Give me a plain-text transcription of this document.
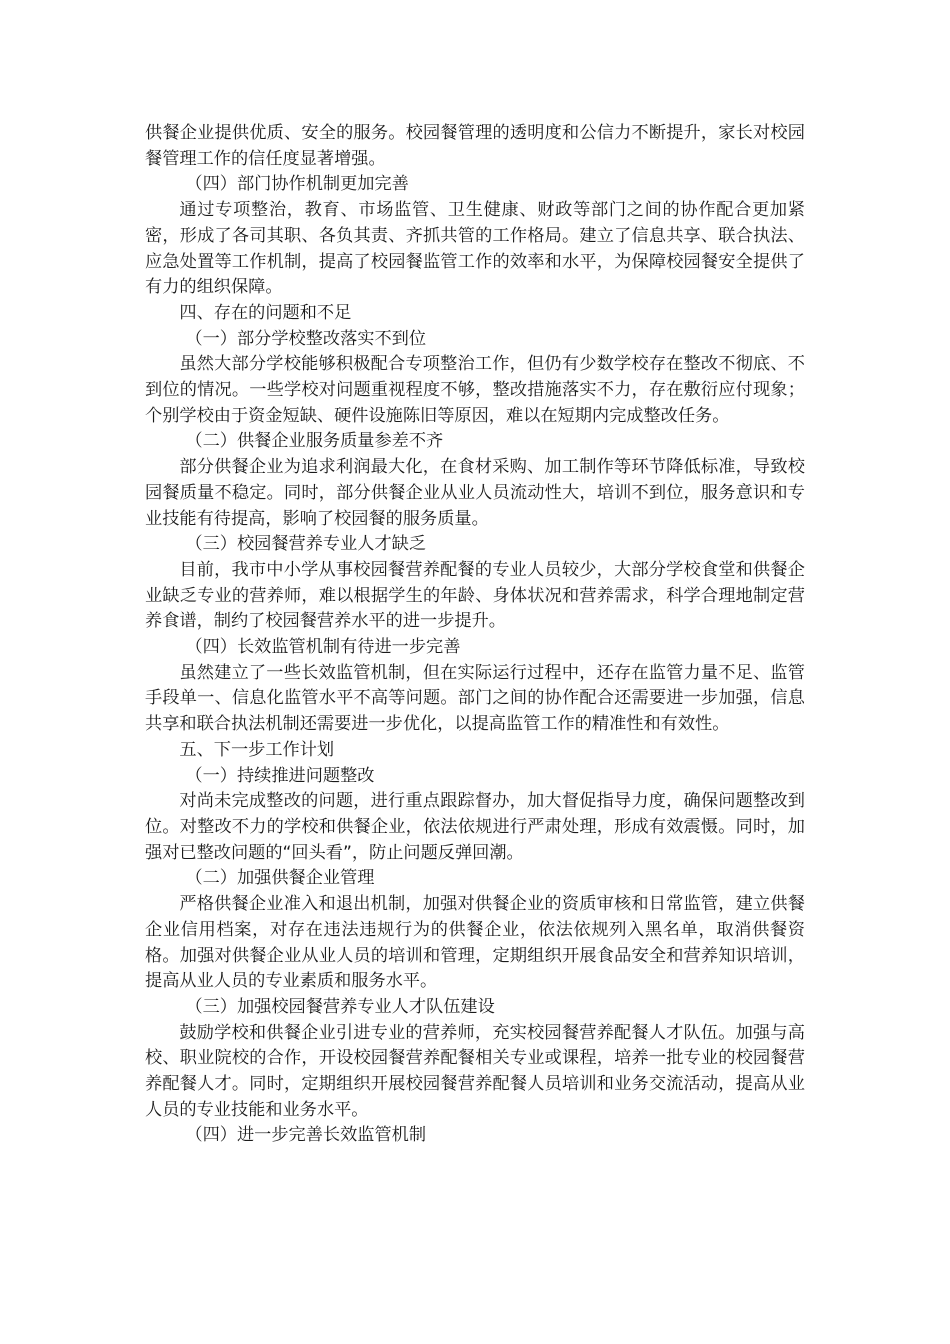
供餐企业提供优质、安全的服务。校园餐管理的透明度和公信力不断提升，家长对校园餐管理工作的信任度显著增强。

（四）部门协作机制更加完善

通过专项整治，教育、市场监管、卫生健康、财政等部门之间的协作配合更加紧密，形成了各司其职、各负其责、齐抓共管的工作格局。建立了信息共享、联合执法、应急处置等工作机制，提高了校园餐监管工作的效率和水平，为保障校园餐安全提供了有力的组织保障。

四、存在的问题和不足

（一）部分学校整改落实不到位

虽然大部分学校能够积极配合专项整治工作，但仍有少数学校存在整改不彻底、不到位的情况。一些学校对问题重视程度不够，整改措施落实不力，存在敷衍应付现象；个别学校由于资金短缺、硬件设施陈旧等原因，难以在短期内完成整改任务。

（二）供餐企业服务质量参差不齐

部分供餐企业为追求利润最大化，在食材采购、加工制作等环节降低标准，导致校园餐质量不稳定。同时，部分供餐企业从业人员流动性大，培训不到位，服务意识和专业技能有待提高，影响了校园餐的服务质量。

（三）校园餐营养专业人才缺乏

目前，我市中小学从事校园餐营养配餐的专业人员较少，大部分学校食堂和供餐企业缺乏专业的营养师，难以根据学生的年龄、身体状况和营养需求，科学合理地制定营养食谱，制约了校园餐营养水平的进一步提升。

（四）长效监管机制有待进一步完善

虽然建立了一些长效监管机制，但在实际运行过程中，还存在监管力量不足、监管手段单一、信息化监管水平不高等问题。部门之间的协作配合还需要进一步加强，信息共享和联合执法机制还需要进一步优化，以提高监管工作的精准性和有效性。

五、下一步工作计划

（一）持续推进问题整改

对尚未完成整改的问题，进行重点跟踪督办，加大督促指导力度，确保问题整改到位。对整改不力的学校和供餐企业，依法依规进行严肃处理，形成有效震慑。同时，加强对已整改问题的“回头看”，防止问题反弹回潮。

（二）加强供餐企业管理

严格供餐企业准入和退出机制，加强对供餐企业的资质审核和日常监管，建立供餐企业信用档案，对存在违法违规行为的供餐企业，依法依规列入黑名单，取消供餐资格。加强对供餐企业从业人员的培训和管理，定期组织开展食品安全和营养知识培训，提高从业人员的专业素质和服务水平。

（三）加强校园餐营养专业人才队伍建设

鼓励学校和供餐企业引进专业的营养师，充实校园餐营养配餐人才队伍。加强与高校、职业院校的合作，开设校园餐营养配餐相关专业或课程，培养一批专业的校园餐营养配餐人才。同时，定期组织开展校园餐营养配餐人员培训和业务交流活动，提高从业人员的专业技能和业务水平。

（四）进一步完善长效监管机制
